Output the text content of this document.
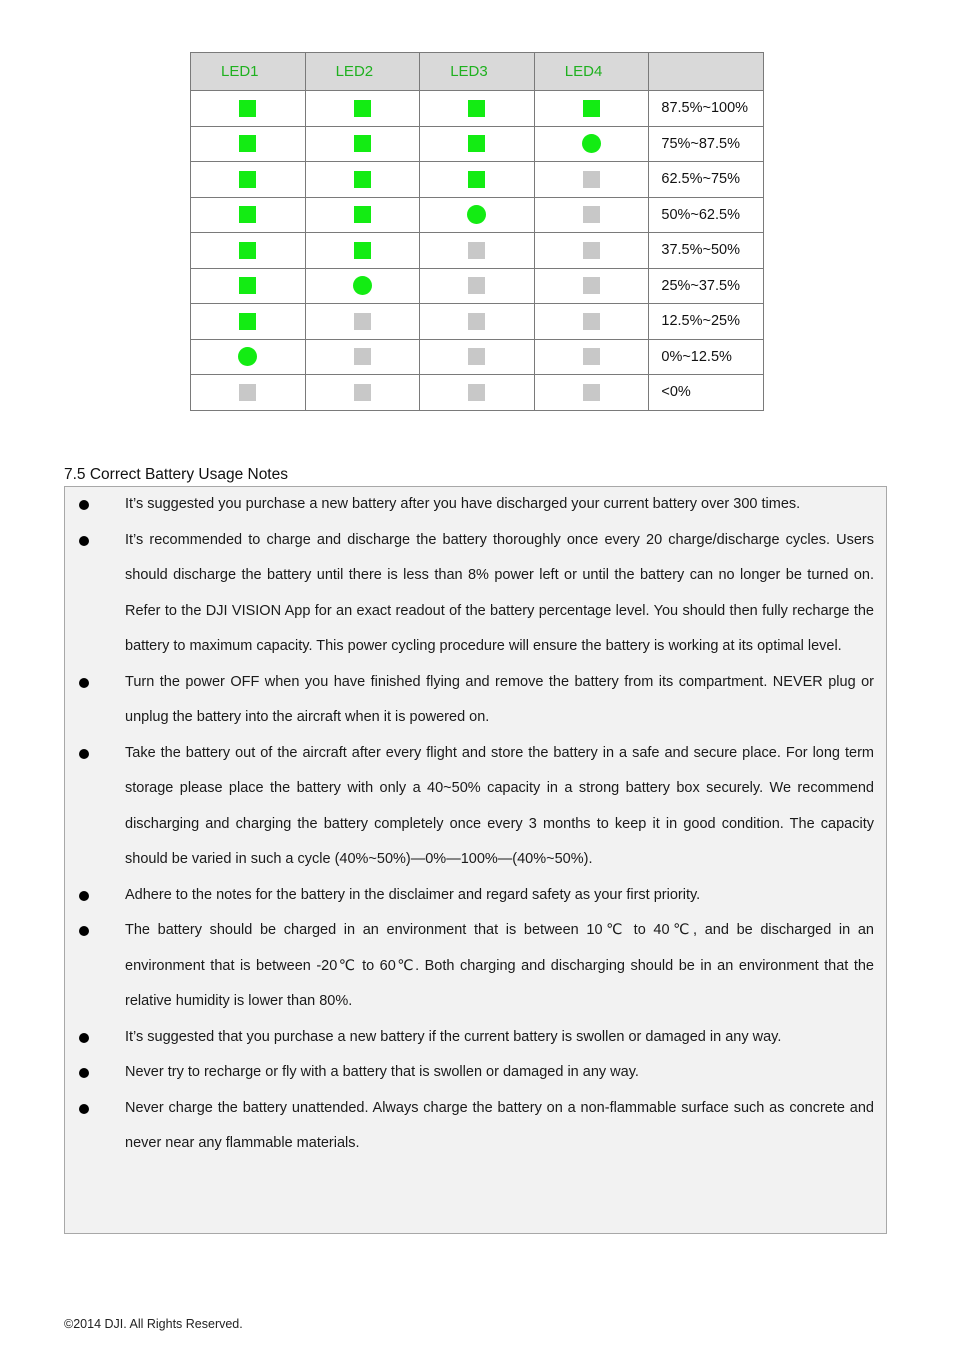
LED1	LED2	LED3	LED4	
				87.5%~100%
				75%~87.5%
				62.5%~75%
				50%~62.5%
				37.5%~50%
				25%~37.5%
				12.5%~25%
				0%~12.5%
				<0%
7.5 Correct Battery Usage Notes
It’s suggested you purchase a new battery after you have discharged your current battery over 300 times.
It’s recommended to charge and discharge the battery thoroughly once every 20 charge/discharge cycles. Users should discharge the battery until there is less than 8% power left or until the battery can no longer be turned on. Refer to the DJI VISION App for an exact readout of the battery percentage level. You should then fully recharge the battery to maximum capacity. This power cycling procedure will ensure the battery is working at its optimal level.
Turn the power OFF when you have finished flying and remove the battery from its compartment. NEVER plug or unplug the battery into the aircraft when it is powered on.
Take the battery out of the aircraft after every flight and store the battery in a safe and secure place. For long term storage please place the battery with only a 40~50% capacity in a strong battery box securely. We recommend discharging and charging the battery completely once every 3 months to keep it in good condition. The capacity should be varied in such a cycle (40%~50%)—0%—100%—(40%~50%).
Adhere to the notes for the battery in the disclaimer and regard safety as your first priority.
The battery should be charged in an environment that is between 10℃ to 40℃, and be discharged in an environment that is between -20℃ to 60℃. Both charging and discharging should be in an environment that the relative humidity is lower than 80%.
It’s suggested that you purchase a new battery if the current battery is swollen or damaged in any way.
Never try to recharge or fly with a battery that is swollen or damaged in any way.
Never charge the battery unattended. Always charge the battery on a non-flammable surface such as concrete and never near any flammable materials.
©2014 DJI. All Rights Reserved.
